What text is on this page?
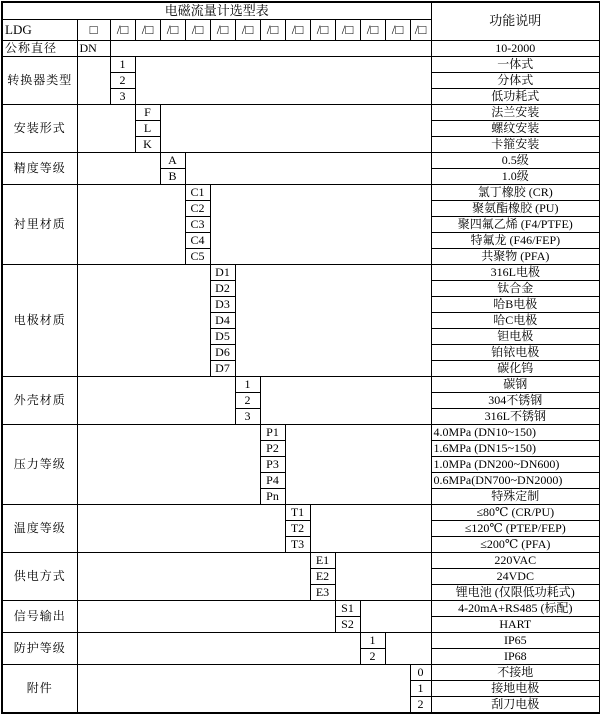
电磁流量计选型表															功能说明
LDG	□	/□	/□	/□	/□	/□	/□	/□	/□	/□	/□	/□	/□	/□	
公称直径	DN														10-2000
转换器类型		1													一体式
		2													分体式
		3													低功耗式
安装形式			F												法兰安装
			L												螺纹安装
			K												卡箍安装
精度等级				A											0.5级
				B											1.0级
衬里材质					C1										氯丁橡胶 (CR)
					C2										聚氨酯橡胶 (PU)
					C3										聚四氟乙烯 (F4/PTFE)
					C4										特氟龙 (F46/FEP)
					C5										共聚物 (PFA)
电极材质						D1									316L电极
						D2									钛合金
						D3									哈B电极
						D4									哈C电极
						D5									钽电极
						D6									铂铱电极
						D7									碳化钨
外壳材质							1								碳钢
							2								304不锈钢
							3								316L不锈钢
压力等级								P1							4.0MPa (DN10~150)
								P2							1.6MPa (DN15~150)
								P3							1.0MPa (DN200~DN600)
								P4							0.6MPa(DN700~DN2000)
								Pn							特殊定制
温度等级									T1						≤80℃ (CR/PU)
									T2						≤120℃ (PTEP/FEP)
									T3						≤200℃ (PFA)
供电方式										E1					220VAC
										E2					24VDC
										E3					锂电池 (仅限低功耗式)
信号输出											S1				4-20mA+RS485 (标配)
											S2				HART
防护等级												1			IP65
												2			IP68
附件														0	不接地
														1	接地电极
														2	刮刀电极
